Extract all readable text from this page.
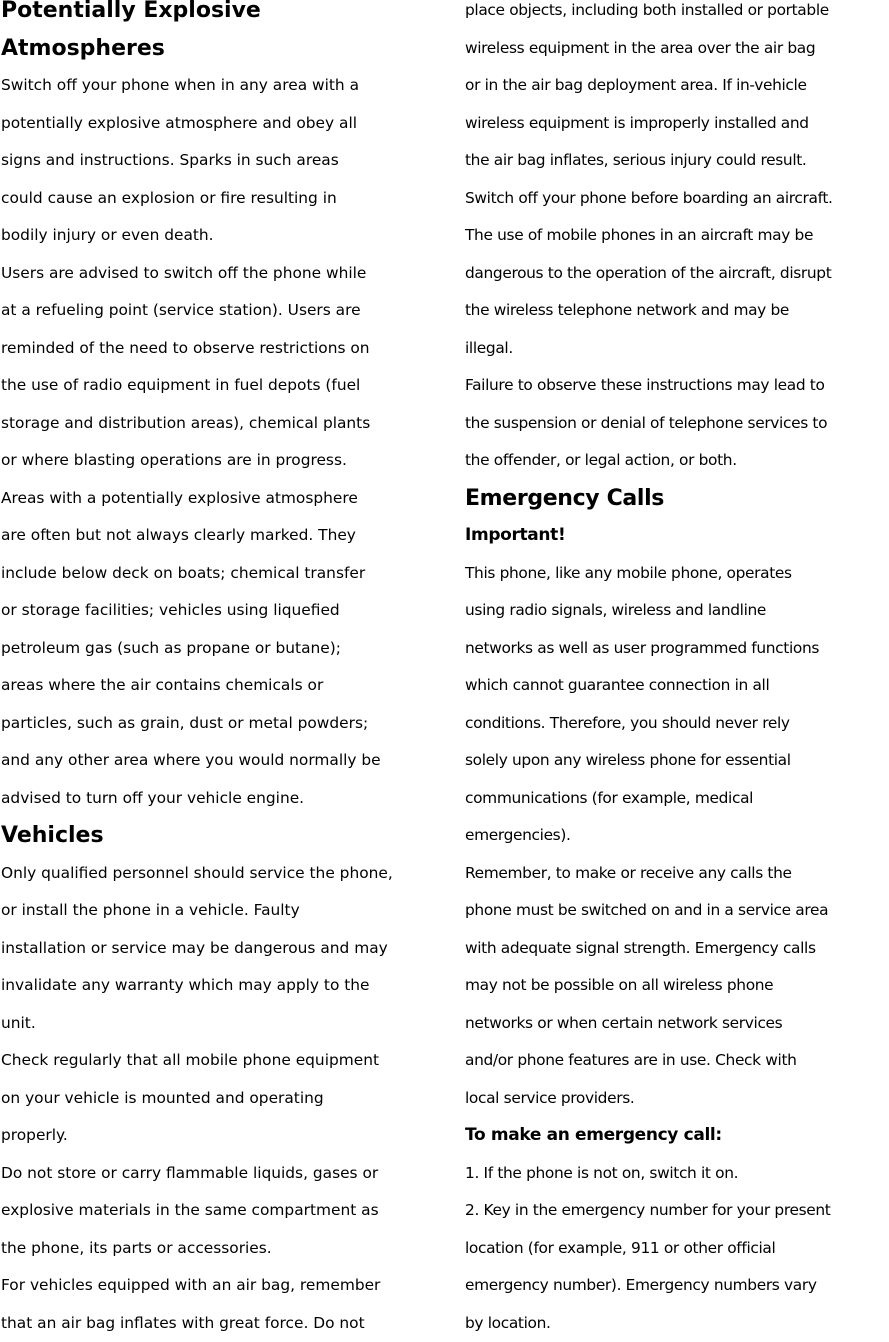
Potentially Explosive
Atmospheres
Switch off your phone when in any area with a
potentially explosive atmosphere and obey all
signs and instructions. Sparks in such areas
could cause an explosion or fire resulting in
bodily injury or even death.
Users are advised to switch off the phone while
at a refueling point (service station). Users are
reminded of the need to observe restrictions on
the use of radio equipment in fuel depots (fuel
storage and distribution areas), chemical plants
or where blasting operations are in progress.
Areas with a potentially explosive atmosphere
are often but not always clearly marked. They
include below deck on boats; chemical transfer
or storage facilities; vehicles using liquefied
petroleum gas (such as propane or butane);
areas where the air contains chemicals or
particles, such as grain, dust or metal powders;
and any other area where you would normally be
advised to turn off your vehicle engine.
Vehicles
Only qualified personnel should service the phone,
or install the phone in a vehicle. Faulty
installation or service may be dangerous and may
invalidate any warranty which may apply to the
unit.
Check regularly that all mobile phone equipment
on your vehicle is mounted and operating
properly.
Do not store or carry flammable liquids, gases or
explosive materials in the same compartment as
the phone, its parts or accessories.
For vehicles equipped with an air bag, remember
that an air bag inflates with great force. Do not
place objects, including both installed or portable
wireless equipment in the area over the air bag
or in the air bag deployment area. If in-vehicle
wireless equipment is improperly installed and
the air bag inflates, serious injury could result.
Switch off your phone before boarding an aircraft.
The use of mobile phones in an aircraft may be
dangerous to the operation of the aircraft, disrupt
the wireless telephone network and may be
illegal.
Failure to observe these instructions may lead to
the suspension or denial of telephone services to
the offender, or legal action, or both.
Emergency Calls
Important!
This phone, like any mobile phone, operates
using radio signals, wireless and landline
networks as well as user programmed functions
which cannot guarantee connection in all
conditions. Therefore, you should never rely
solely upon any wireless phone for essential
communications (for example, medical
emergencies).
Remember, to make or receive any calls the
phone must be switched on and in a service area
with adequate signal strength. Emergency calls
may not be possible on all wireless phone
networks or when certain network services
and/or phone features are in use. Check with
local service providers.
To make an emergency call:
1. If the phone is not on, switch it on.
2. Key in the emergency number for your present
location (for example, 911 or other official
emergency number). Emergency numbers vary
by location.
